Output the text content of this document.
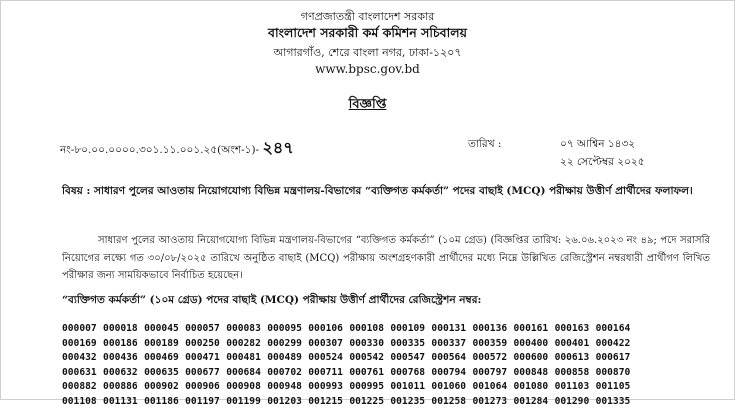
গণপ্রজাতন্ত্রী বাংলাদেশ সরকার
বাংলাদেশ সরকারী কর্ম কমিশন সচিবালয়
আগারগাঁও, শেরে বাংলা নগর, ঢাকা-১২০৭
www.bpsc.gov.bd
বিজ্ঞপ্তি
নং-৮০.০০.০০০০.৩০১.১১.০০১.২৫(অংশ-১)- ২৪৭	তারিখ :	০৭ আশ্বিন ১৪৩২
২২ সেপ্টেম্বর ২০২৫
বিষয় : সাধারণ পুলের আওতায় নিয়োগযোগ্য বিভিন্ন মন্ত্রণালয়-বিভাগের “ব্যক্তিগত কর্মকর্তা” পদের বাছাই (MCQ) পরীক্ষায় উত্তীর্ণ প্রার্থীদের ফলাফল।
সাধারণ পুলের আওতায় নিয়োগযোগ্য বিভিন্ন মন্ত্রণালয়-বিভাগের “ব্যক্তিগত কর্মকর্তা” (১০ম গ্রেড) (বিজ্ঞপ্তির তারিখ: ২৬.০৬.২০২৩ নং ৪৯; পদে সরাসরি নিয়োগের লক্ষ্যে গত ৩০/০৮/২০২৫ তারিখে অনুষ্ঠিত বাছাই (MCQ) পরীক্ষায় অংশগ্রহণকারী প্রার্থীদের মধ্যে নিম্নে উল্লিখিত রেজিস্ট্রেশন নম্বরধারী প্রার্থীগণ লিখিত পরীক্ষার জন্য সাময়িকভাবে নির্বাচিত হয়েছেন।
“ব্যক্তিগত কর্মকর্তা” (১০ম গ্রেড) পদের বাছাই (MCQ) পরীক্ষায় উত্তীর্ণ প্রার্থীদের রেজিস্ট্রেশন নম্বর:
000007 000018 000045 000057 000083 000095 000106 000108 000109 000131 000136 000161 000163 000164
000169 000186 000189 000250 000282 000299 000307 000330 000335 000337 000359 000400 000401 000422
000432 000436 000469 000471 000481 000489 000524 000542 000547 000564 000572 000600 000613 000617
000631 000632 000635 000677 000684 000702 000711 000761 000768 000794 000797 000848 000858 000870
000882 000886 000902 000906 000908 000948 000993 000995 001011 001060 001064 001080 001103 001105
001108 001131 001186 001197 001199 001203 001215 001225 001235 001258 001273 001284 001290 001335
